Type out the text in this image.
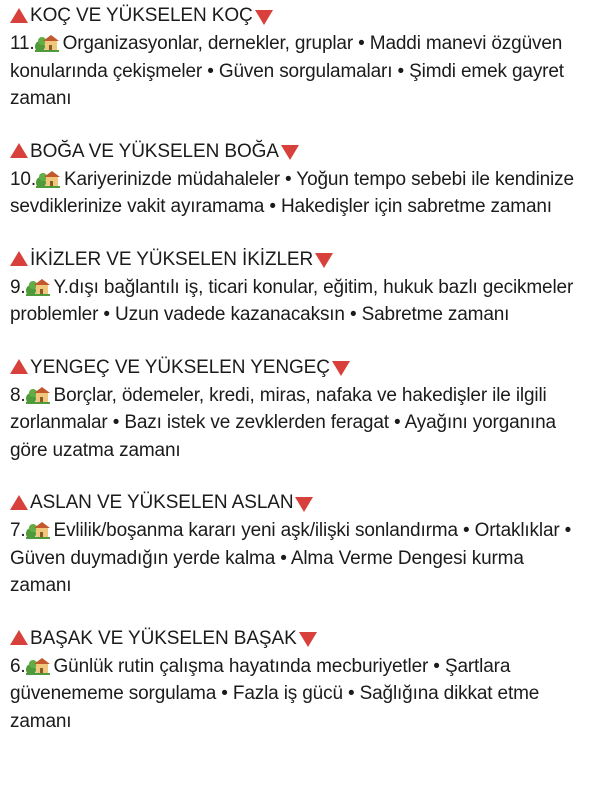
KOÇ VE YÜKSELEN KOÇ

11. Organizasyonlar, dernekler, gruplar • Maddi manevi özgüven konularında çekişmeler • Güven sorgulamaları • Şimdi emek gayret zamanı

BOĞA VE YÜKSELEN BOĞA

10. Kariyerinizde müdahaleler • Yoğun tempo sebebi ile kendinize sevdiklerinize vakit ayıramama • Hakedişler için sabretme zamanı

İKİZLER VE YÜKSELEN İKİZLER

9. Y.dışı bağlantılı iş, ticari konular, eğitim, hukuk bazlı gecikmeler problemler • Uzun vadede kazanacaksın • Sabretme zamanı

YENGEÇ VE YÜKSELEN YENGEÇ

8. Borçlar, ödemeler, kredi, miras, nafaka ve hakedişler ile ilgili zorlanmalar • Bazı istek ve zevklerden feragat • Ayağını yorganına göre uzatma zamanı

ASLAN VE YÜKSELEN ASLAN

7. Evlilik/boşanma kararı yeni aşk/ilişki sonlandırma • Ortaklıklar • Güven duymadığın yerde kalma • Alma Verme Dengesi kurma zamanı

BAŞAK VE YÜKSELEN BAŞAK

6. Günlük rutin çalışma hayatında mecburiyetler • Şartlara güvenememe sorgulama • Fazla iş gücü • Sağlığına dikkat etme zamanı
